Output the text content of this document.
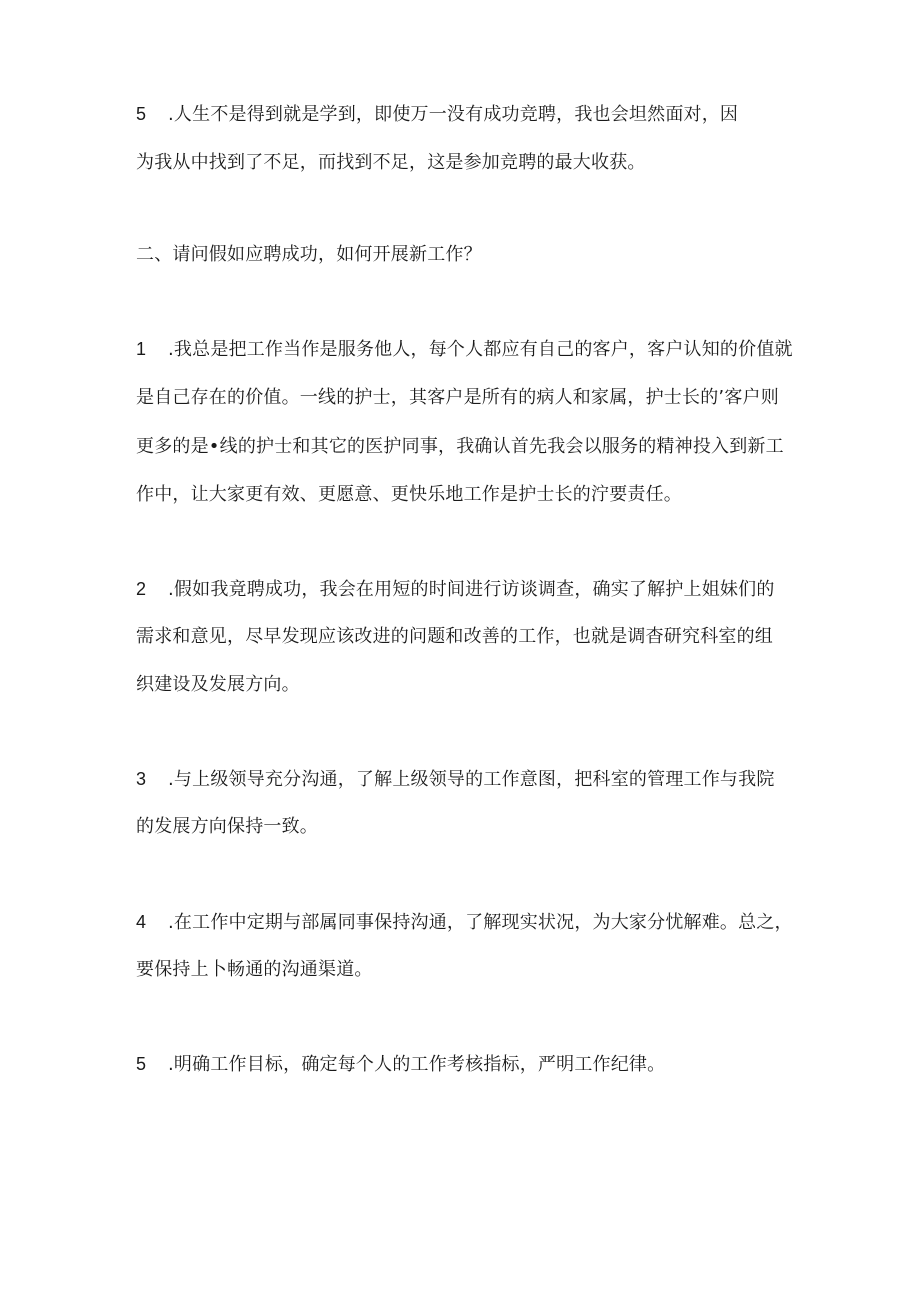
5 .人生不是得到就是学到，即使万一没有成功竞聘，我也会坦然面对，因
为我从中找到了不足，而找到不足，这是参加竞聘的最大收获。
二、请问假如应聘成功，如何开展新工作？
1 .我总是把工作当作是服务他人，每个人都应有自己的客户，客户认知的价值就
是自己存在的价值。一线的护士，其客户是所有的病人和家属，护士长的’客户则
更多的是•线的护士和其它的医护同事，我确认首先我会以服务的精神投入到新工
作中，让大家更有效、更愿意、更快乐地工作是护士长的泞要责任。
2 .假如我竟聘成功，我会在用短的时间进行访谈调查，确实了解护上姐妹们的
需求和意见，尽早发现应该改进的问题和改善的工作，也就是调杳研究科室的组
织建设及发展方向。
3 .与上级领导充分沟通，了解上级领导的工作意图，把科室的管理工作与我院
的发展方向保持一致。
4 .在工作中定期与部属同事保持沟通，了解现实状况，为大家分忧解难。总之，
要保持上卜畅通的沟通渠道。
5 .明确工作目标，确定每个人的工作考核指标，严明工作纪律。
